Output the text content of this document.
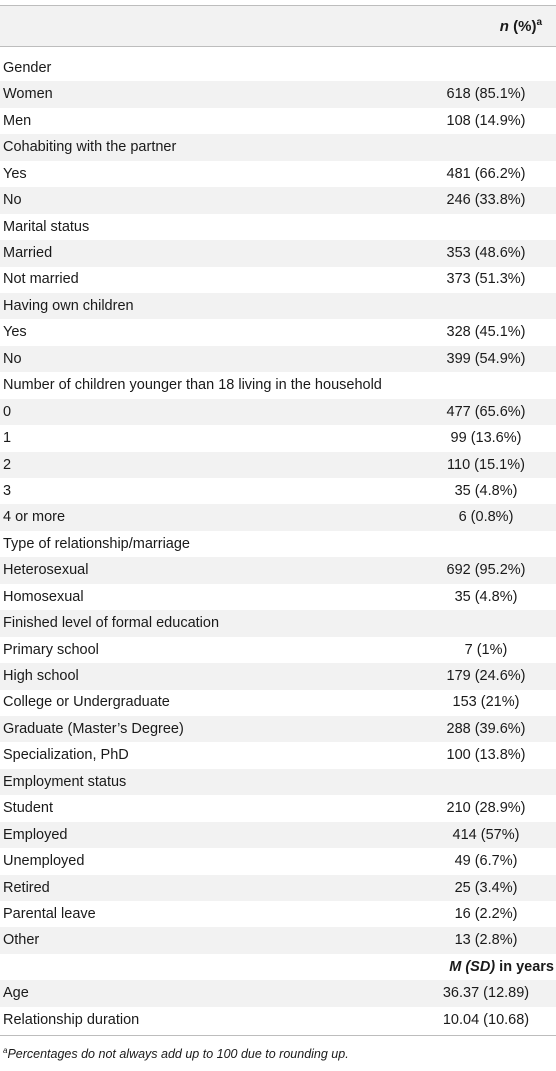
n (%)$^a$
Gender
Women	618 (85.1%)
Men	108 (14.9%)
Cohabiting with the partner
Yes	481 (66.2%)
No	246 (33.8%)
Marital status
Married	353 (48.6%)
Not married	373 (51.3%)
Having own children
Yes	328 (45.1%)
No	399 (54.9%)
Number of children younger than 18 living in the household
0	477 (65.6%)
1	99 (13.6%)
2	110 (15.1%)
3	35 (4.8%)
4 or more	6 (0.8%)
Type of relationship/marriage
Heterosexual	692 (95.2%)
Homosexual	35 (4.8%)
Finished level of formal education
Primary school	7 (1%)
High school	179 (24.6%)
College or Undergraduate	153 (21%)
Graduate (Master’s Degree)	288 (39.6%)
Specialization, PhD	100 (13.8%)
Employment status
Student	210 (28.9%)
Employed	414 (57%)
Unemployed	49 (6.7%)
Retired	25 (3.4%)
Parental leave	16 (2.2%)
Other	13 (2.8%)
M (SD) in years
Age	36.37 (12.89)
Relationship duration	10.04 (10.68)
$^a$Percentages do not always add up to 100 due to rounding up.
